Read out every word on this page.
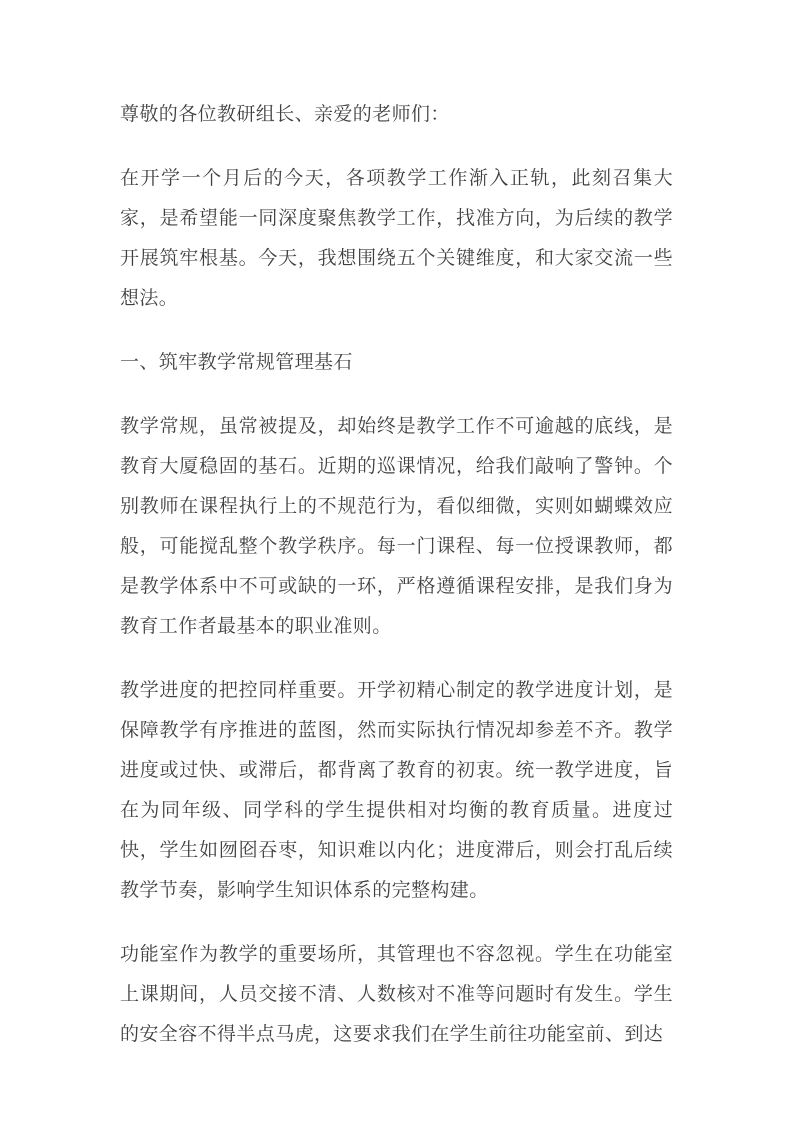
尊敬的各位教研组长、亲爱的老师们：

在开学一个月后的今天，各项教学工作渐入正轨，此刻召集大家，是希望能一同深度聚焦教学工作，找准方向，为后续的教学开展筑牢根基。今天，我想围绕五个关键维度，和大家交流一些想法。

一、筑牢教学常规管理基石

教学常规，虽常被提及，却始终是教学工作不可逾越的底线，是教育大厦稳固的基石。近期的巡课情况，给我们敲响了警钟。个别教师在课程执行上的不规范行为，看似细微，实则如蝴蝶效应般，可能搅乱整个教学秩序。每一门课程、每一位授课教师，都是教学体系中不可或缺的一环，严格遵循课程安排，是我们身为教育工作者最基本的职业准则。

教学进度的把控同样重要。开学初精心制定的教学进度计划，是保障教学有序推进的蓝图，然而实际执行情况却参差不齐。教学进度或过快、或滞后，都背离了教育的初衷。统一教学进度，旨在为同年级、同学科的学生提供相对均衡的教育质量。进度过快，学生如囫囵吞枣，知识难以内化；进度滞后，则会打乱后续教学节奏，影响学生知识体系的完整构建。

功能室作为教学的重要场所，其管理也不容忽视。学生在功能室上课期间，人员交接不清、人数核对不准等问题时有发生。学生的安全容不得半点马虎，这要求我们在学生前往功能室前、到达
